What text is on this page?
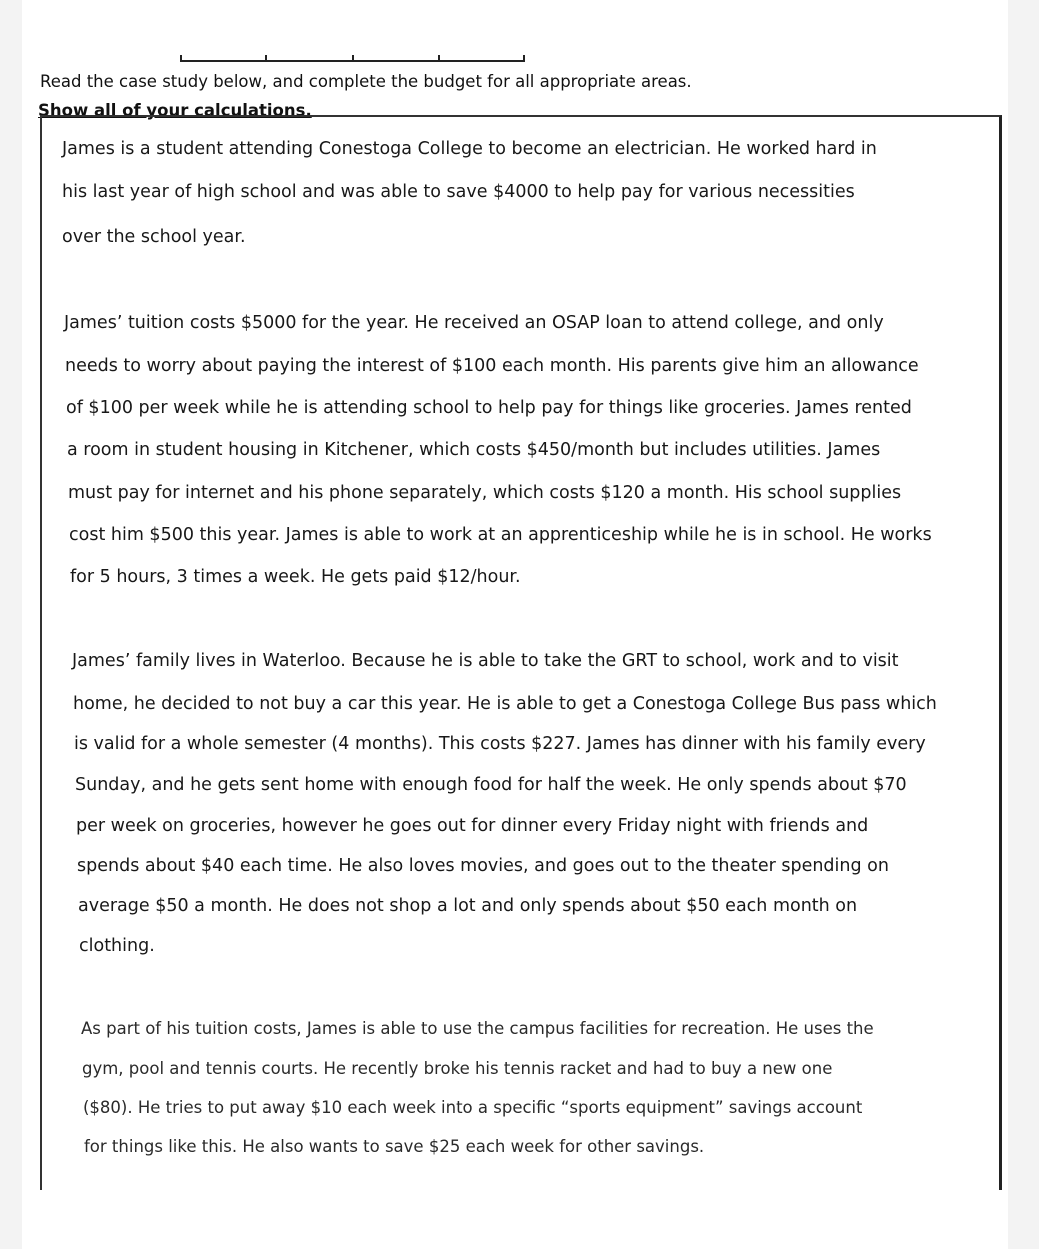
Read the case study below, and complete the budget for all appropriate areas.
Show all of your calculations.
James is a student attending Conestoga College to become an electrician. He worked hard in
his last year of high school and was able to save $4000 to help pay for various necessities
over the school year.
James’ tuition costs $5000 for the year. He received an OSAP loan to attend college, and only
needs to worry about paying the interest of $100 each month. His parents give him an allowance
of $100 per week while he is attending school to help pay for things like groceries. James rented
a room in student housing in Kitchener, which costs $450/month but includes utilities. James
must pay for internet and his phone separately, which costs $120 a month. His school supplies
cost him $500 this year. James is able to work at an apprenticeship while he is in school. He works
for 5 hours, 3 times a week. He gets paid $12/hour.
James’ family lives in Waterloo. Because he is able to take the GRT to school, work and to visit
home, he decided to not buy a car this year. He is able to get a Conestoga College Bus pass which
is valid for a whole semester (4 months). This costs $227. James has dinner with his family every
Sunday, and he gets sent home with enough food for half the week. He only spends about $70
per week on groceries, however he goes out for dinner every Friday night with friends and
spends about $40 each time. He also loves movies, and goes out to the theater spending on
average $50 a month. He does not shop a lot and only spends about $50 each month on
clothing.
As part of his tuition costs, James is able to use the campus facilities for recreation. He uses the
gym, pool and tennis courts. He recently broke his tennis racket and had to buy a new one
($80). He tries to put away $10 each week into a specific “sports equipment” savings account
for things like this. He also wants to save $25 each week for other savings.
